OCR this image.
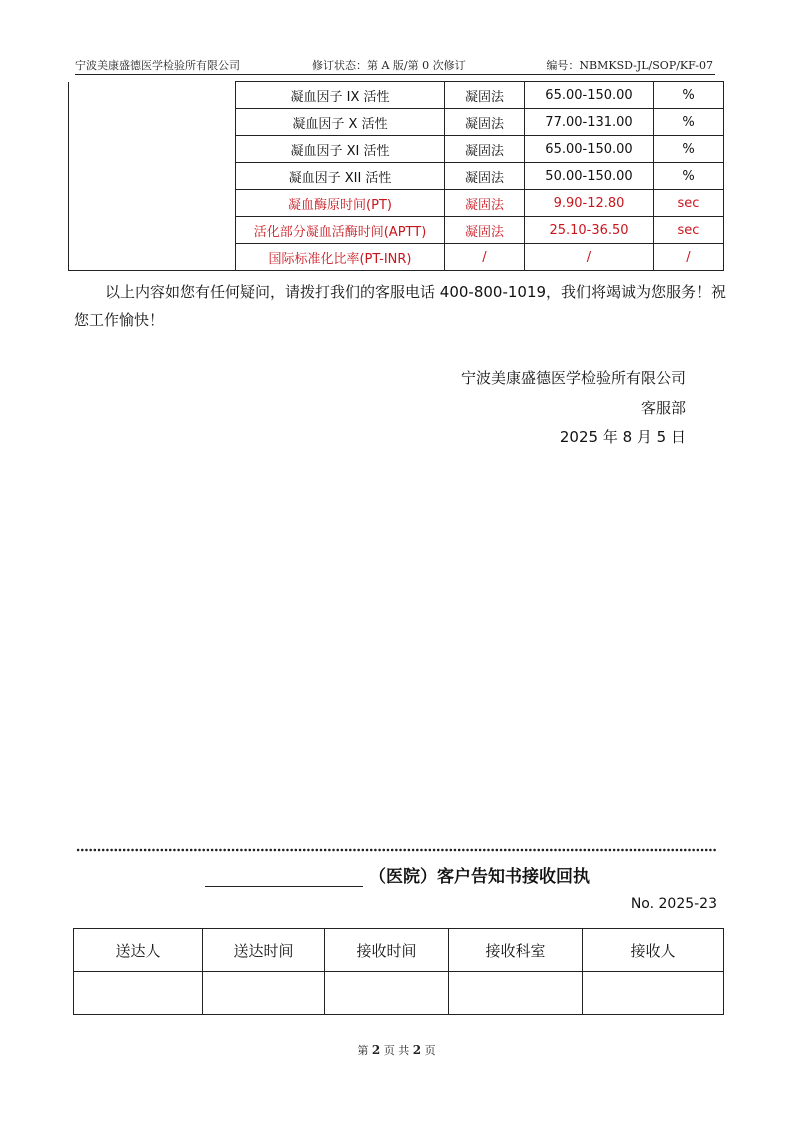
宁波美康盛德医学检验所有限公司	修订状态：第 A 版/第 0 次修订	编号：NBMKSD-JL/SOP/KF-07
	凝血因子 IX 活性	凝固法	65.00-150.00	%
	凝血因子 X 活性	凝固法	77.00-131.00	%
	凝血因子 XI 活性	凝固法	65.00-150.00	%
	凝血因子 XII 活性	凝固法	50.00-150.00	%
	凝血酶原时间(PT)	凝固法	9.90-12.80	sec
	活化部分凝血活酶时间(APTT)	凝固法	25.10-36.50	sec
	国际标准化比率(PT-INR)	/	/	/
以上内容如您有任何疑问，请拨打我们的客服电话 400-800-1019，我们将竭诚为您服务！祝您工作愉快！
宁波美康盛德医学检验所有限公司
客服部
2025 年 8 月 5 日
（医院）客户告知书接收回执
No. 2025-23
送达人	送达时间	接收时间	接收科室	接收人

第 2 页 共 2 页
